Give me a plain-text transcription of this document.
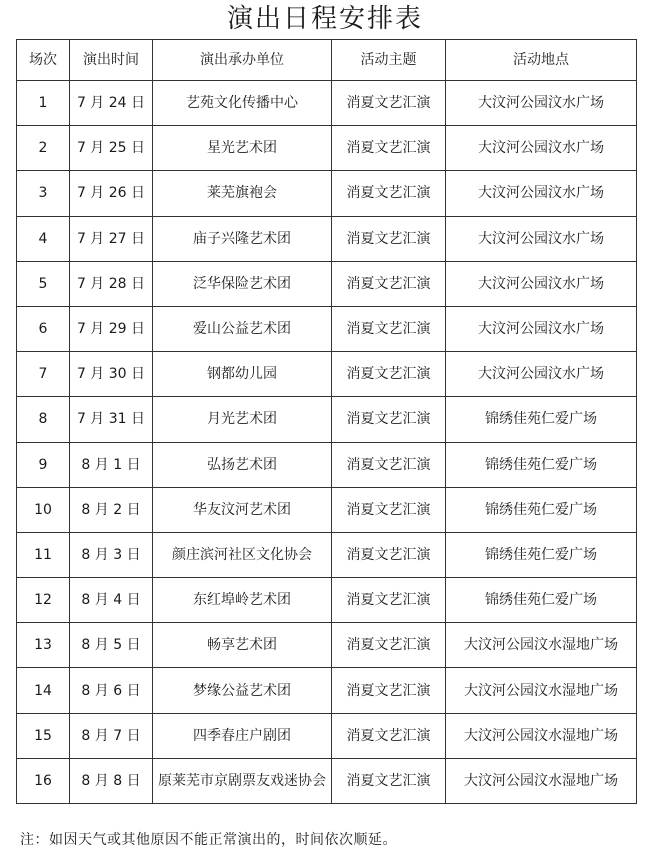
演出日程安排表
场次	演出时间	演出承办单位	活动主题	活动地点
1	7 月 24 日	艺苑文化传播中心	消夏文艺汇演	大汶河公园汶水广场
2	7 月 25 日	星光艺术团	消夏文艺汇演	大汶河公园汶水广场
3	7 月 26 日	莱芜旗袍会	消夏文艺汇演	大汶河公园汶水广场
4	7 月 27 日	庙子兴隆艺术团	消夏文艺汇演	大汶河公园汶水广场
5	7 月 28 日	泛华保险艺术团	消夏文艺汇演	大汶河公园汶水广场
6	7 月 29 日	爱山公益艺术团	消夏文艺汇演	大汶河公园汶水广场
7	7 月 30 日	钢都幼儿园	消夏文艺汇演	大汶河公园汶水广场
8	7 月 31 日	月光艺术团	消夏文艺汇演	锦绣佳苑仁爱广场
9	8 月 1 日	弘扬艺术团	消夏文艺汇演	锦绣佳苑仁爱广场
10	8 月 2 日	华友汶河艺术团	消夏文艺汇演	锦绣佳苑仁爱广场
11	8 月 3 日	颜庄滨河社区文化协会	消夏文艺汇演	锦绣佳苑仁爱广场
12	8 月 4 日	东红埠岭艺术团	消夏文艺汇演	锦绣佳苑仁爱广场
13	8 月 5 日	畅享艺术团	消夏文艺汇演	大汶河公园汶水湿地广场
14	8 月 6 日	梦缘公益艺术团	消夏文艺汇演	大汶河公园汶水湿地广场
15	8 月 7 日	四季春庄户剧团	消夏文艺汇演	大汶河公园汶水湿地广场
16	8 月 8 日	原莱芜市京剧票友戏迷协会	消夏文艺汇演	大汶河公园汶水湿地广场
注：如因天气或其他原因不能正常演出的，时间依次顺延。
